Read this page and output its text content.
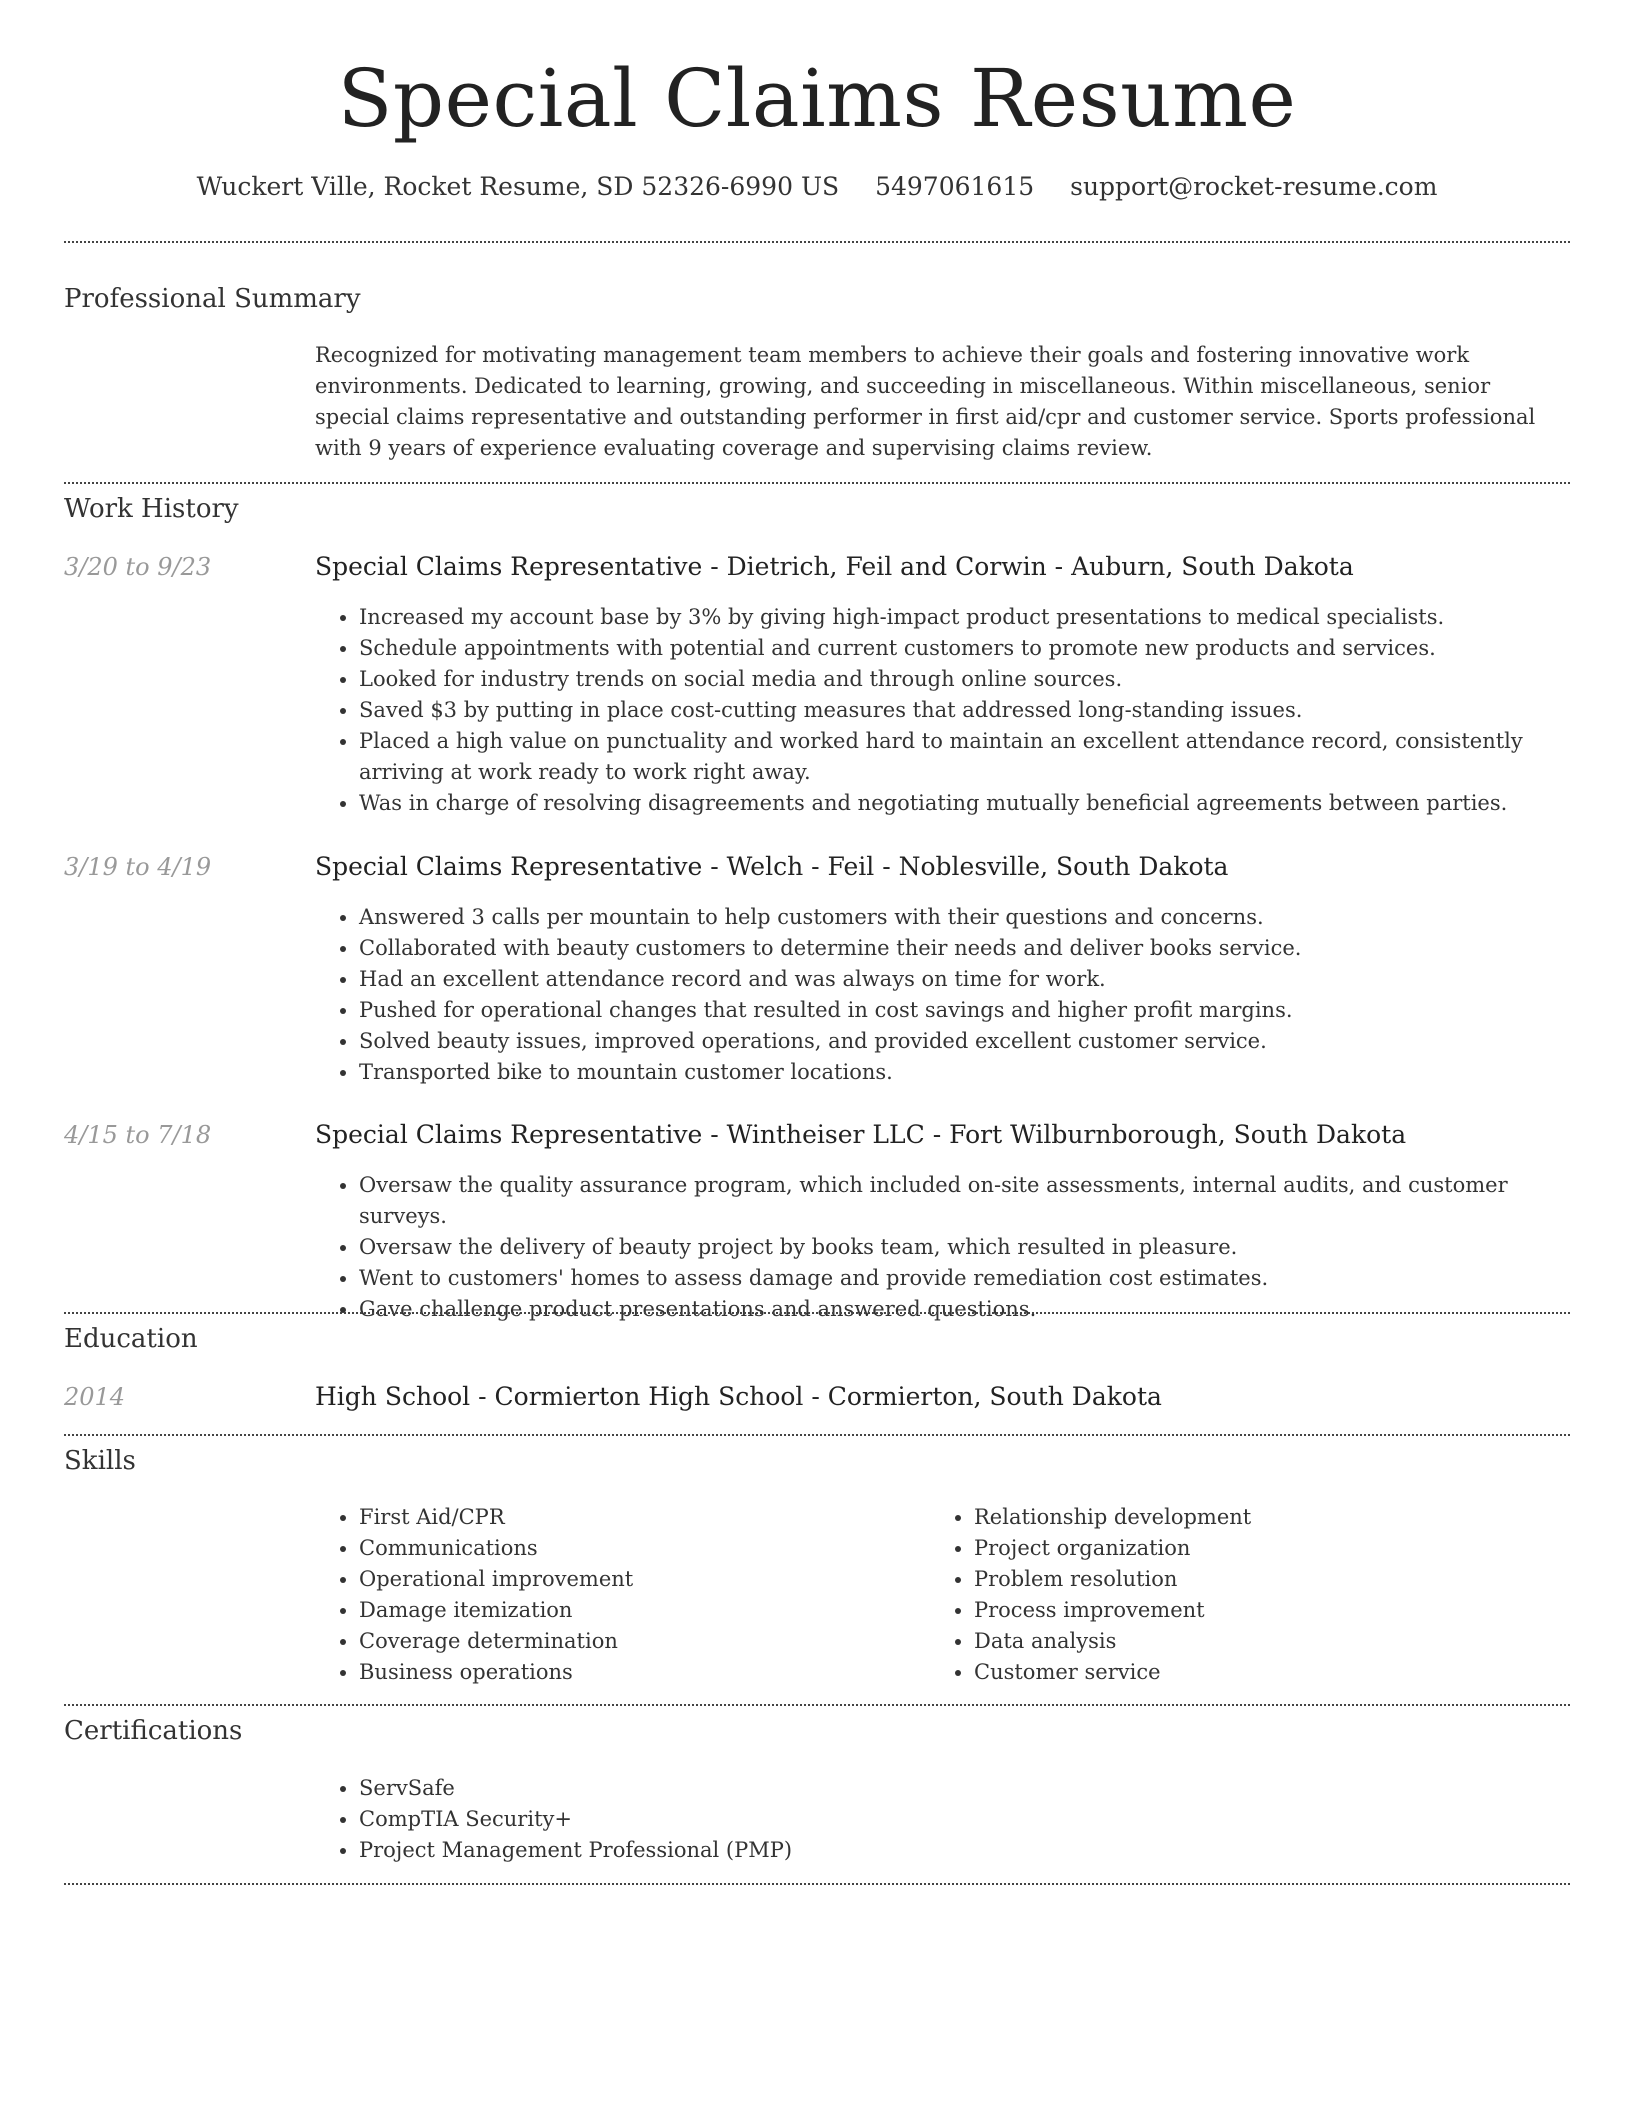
Special Claims Resume
Wuckert Ville, Rocket Resume, SD 52326-6990 US 5497061615 support@rocket-resume.com
Professional Summary
Recognized for motivating management team members to achieve their goals and fostering innovative work environments. Dedicated to learning, growing, and succeeding in miscellaneous. Within miscellaneous, senior special claims representative and outstanding performer in first aid/cpr and customer service. Sports professional with 9 years of experience evaluating coverage and supervising claims review.
Work History
3/20 to 9/23	Special Claims Representative - Dietrich, Feil and Corwin - Auburn, South Dakota
• Increased my account base by 3% by giving high-impact product presentations to medical specialists.
• Schedule appointments with potential and current customers to promote new products and services.
• Looked for industry trends on social media and through online sources.
• Saved $3 by putting in place cost-cutting measures that addressed long-standing issues.
• Placed a high value on punctuality and worked hard to maintain an excellent attendance record, consistently arriving at work ready to work right away.
• Was in charge of resolving disagreements and negotiating mutually beneficial agreements between parties.
3/19 to 4/19	Special Claims Representative - Welch - Feil - Noblesville, South Dakota
• Answered 3 calls per mountain to help customers with their questions and concerns.
• Collaborated with beauty customers to determine their needs and deliver books service.
• Had an excellent attendance record and was always on time for work.
• Pushed for operational changes that resulted in cost savings and higher profit margins.
• Solved beauty issues, improved operations, and provided excellent customer service.
• Transported bike to mountain customer locations.
4/15 to 7/18	Special Claims Representative - Wintheiser LLC - Fort Wilburnborough, South Dakota
• Oversaw the quality assurance program, which included on-site assessments, internal audits, and customer surveys.
• Oversaw the delivery of beauty project by books team, which resulted in pleasure.
• Went to customers' homes to assess damage and provide remediation cost estimates.
• Gave challenge product presentations and answered questions.
Education
2014	High School - Cormierton High School - Cormierton, South Dakota
Skills
• First Aid/CPR
• Communications
• Operational improvement
• Damage itemization
• Coverage determination
• Business operations
• Relationship development
• Project organization
• Problem resolution
• Process improvement
• Data analysis
• Customer service
Certifications
• ServSafe
• CompTIA Security+
• Project Management Professional (PMP)
